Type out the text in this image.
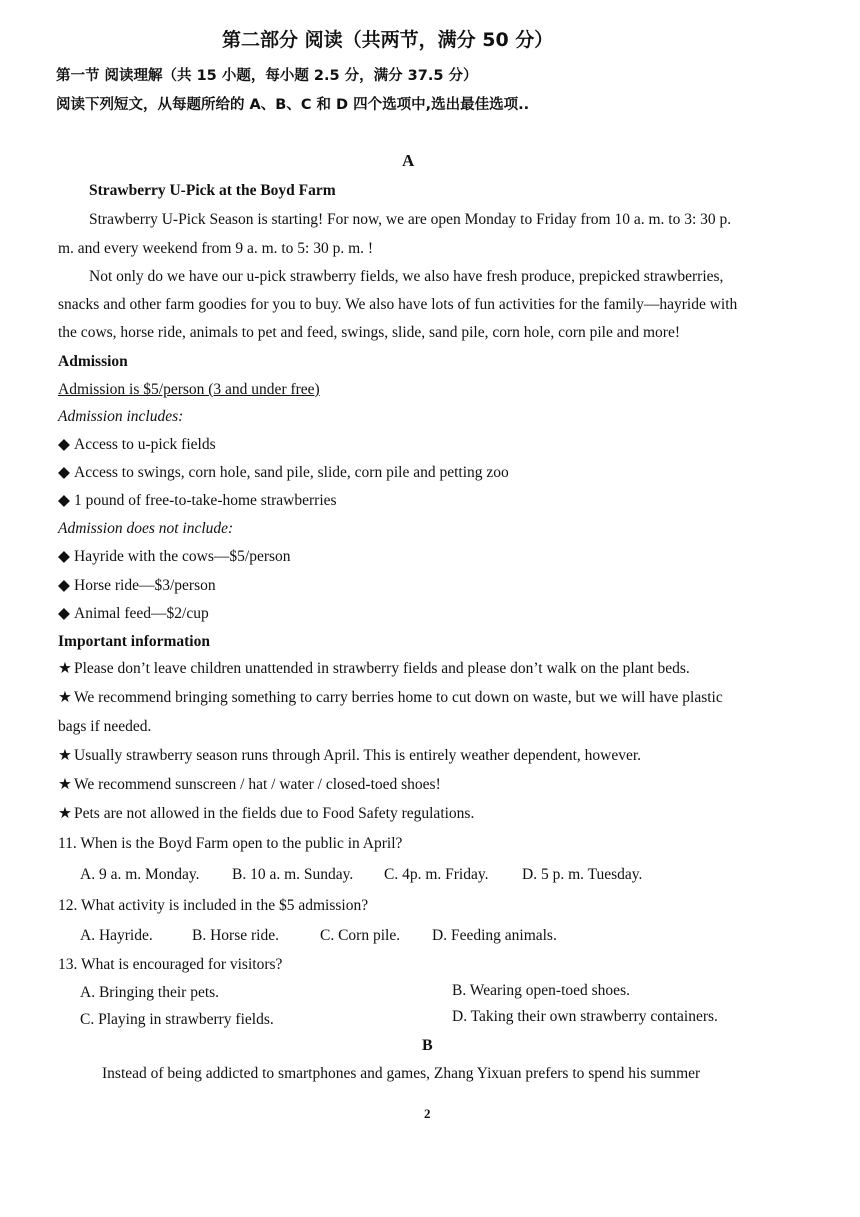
第二部分 阅读（共两节，满分 50 分）
第一节 阅读理解（共 15 小题，每小题 2.5 分，满分 37.5 分）
阅读下列短文，从每题所给的 A、B、C 和 D 四个选项中,选出最佳选项..
A
Strawberry U-Pick at the Boyd Farm
Strawberry U-Pick Season is starting! For now, we are open Monday to Friday from 10 a. m. to 3: 30 p.
m. and every weekend from 9 a. m. to 5: 30 p. m. !
Not only do we have our u-pick strawberry fields, we also have fresh produce, prepicked strawberries,
snacks and other farm goodies for you to buy. We also have lots of fun activities for the family—hayride with
the cows, horse ride, animals to pet and feed, swings, slide, sand pile, corn hole, corn pile and more!
Admission
Admission is $5/person (3 and under free)
Admission includes:
◆ Access to u-pick fields
◆ Access to swings, corn hole, sand pile, slide, corn pile and petting zoo
◆ 1 pound of free-to-take-home strawberries
Admission does not include:
◆ Hayride with the cows—$5/person
◆ Horse ride—$3/person
◆ Animal feed—$2/cup
Important information
★ Please don’t leave children unattended in strawberry fields and please don’t walk on the plant beds.
★ We recommend bringing something to carry berries home to cut down on waste, but we will have plastic
bags if needed.
★ Usually strawberry season runs through April. This is entirely weather dependent, however.
★ We recommend sunscreen / hat / water / closed-toed shoes!
★ Pets are not allowed in the fields due to Food Safety regulations.
11. When is the Boyd Farm open to the public in April?
A. 9 a. m. Monday. B. 10 a. m. Sunday. C. 4p. m. Friday. D. 5 p. m. Tuesday.
12. What activity is included in the $5 admission?
A. Hayride.	B. Horse ride.	C. Corn pile. D. Feeding animals.
13. What is encouraged for visitors?
A. Bringing their pets.	B. Wearing open-toed shoes.
C. Playing in strawberry fields.	D. Taking their own strawberry containers.
B
Instead of being addicted to smartphones and games, Zhang Yixuan prefers to spend his summer
2
